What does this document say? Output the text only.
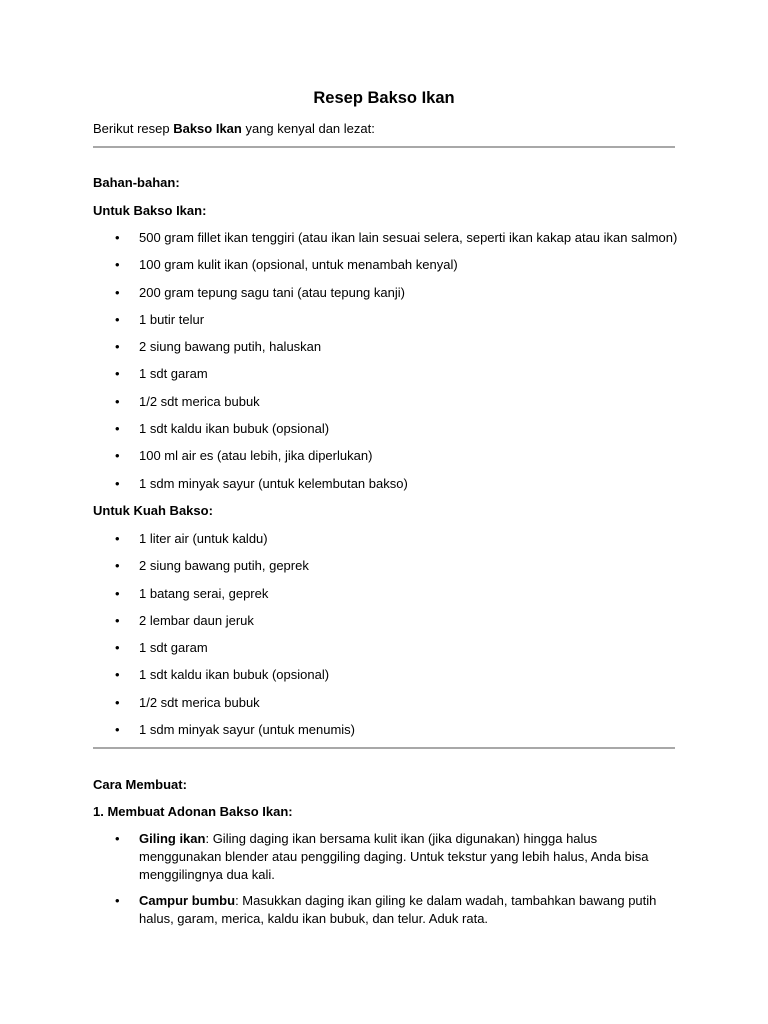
Resep Bakso Ikan

Berikut resep Bakso Ikan yang kenyal dan lezat:

Bahan-bahan:

Untuk Bakso Ikan:

• 500 gram fillet ikan tenggiri (atau ikan lain sesuai selera, seperti ikan kakap atau ikan salmon)
• 100 gram kulit ikan (opsional, untuk menambah kenyal)
• 200 gram tepung sagu tani (atau tepung kanji)
• 1 butir telur
• 2 siung bawang putih, haluskan
• 1 sdt garam
• 1/2 sdt merica bubuk
• 1 sdt kaldu ikan bubuk (opsional)
• 100 ml air es (atau lebih, jika diperlukan)
• 1 sdm minyak sayur (untuk kelembutan bakso)

Untuk Kuah Bakso:

• 1 liter air (untuk kaldu)
• 2 siung bawang putih, geprek
• 1 batang serai, geprek
• 2 lembar daun jeruk
• 1 sdt garam
• 1 sdt kaldu ikan bubuk (opsional)
• 1/2 sdt merica bubuk
• 1 sdm minyak sayur (untuk menumis)

Cara Membuat:

1. Membuat Adonan Bakso Ikan:

• Giling ikan: Giling daging ikan bersama kulit ikan (jika digunakan) hingga halus menggunakan blender atau penggiling daging. Untuk tekstur yang lebih halus, Anda bisa menggilingnya dua kali.
• Campur bumbu: Masukkan daging ikan giling ke dalam wadah, tambahkan bawang putih halus, garam, merica, kaldu ikan bubuk, dan telur. Aduk rata.
